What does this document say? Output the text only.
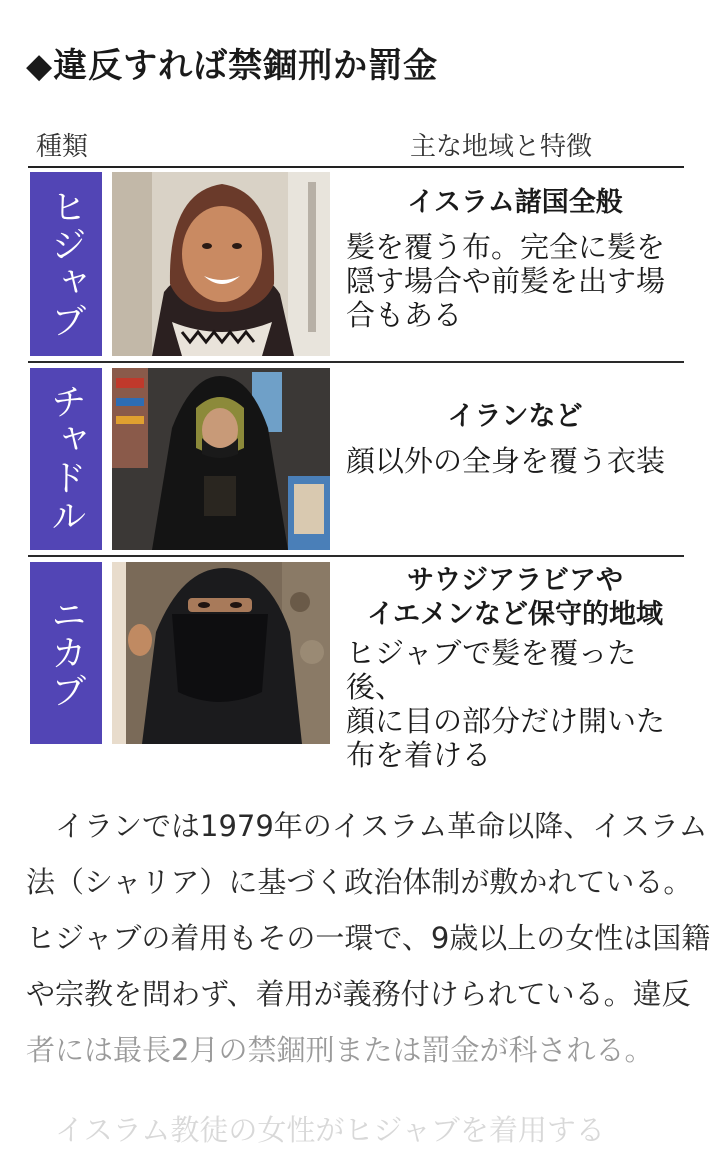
◆違反すれば禁錮刑か罰金
種類	主な地域と特徴
ヒジャブ	イスラム諸国全般
髪を覆う布。完全に髪を
隠す場合や前髪を出す場
合もある
チャドル	イランなど
顔以外の全身を覆う衣装
ニカブ
サウジアラビアや
イエメンなど保守的地域
ヒジャブで髪を覆った後、
顔に目の部分だけ開いた
布を着ける
　イランでは1979年のイスラム革命以降、イスラム
法（シャリア）に基づく政治体制が敷かれている。
ヒジャブの着用もその一環で、9歳以上の女性は国籍
や宗教を問わず、着用が義務付けられている。違反
者には最長2月の禁錮刑または罰金が科される。
　イスラム教徒の女性がヒジャブを着用する
